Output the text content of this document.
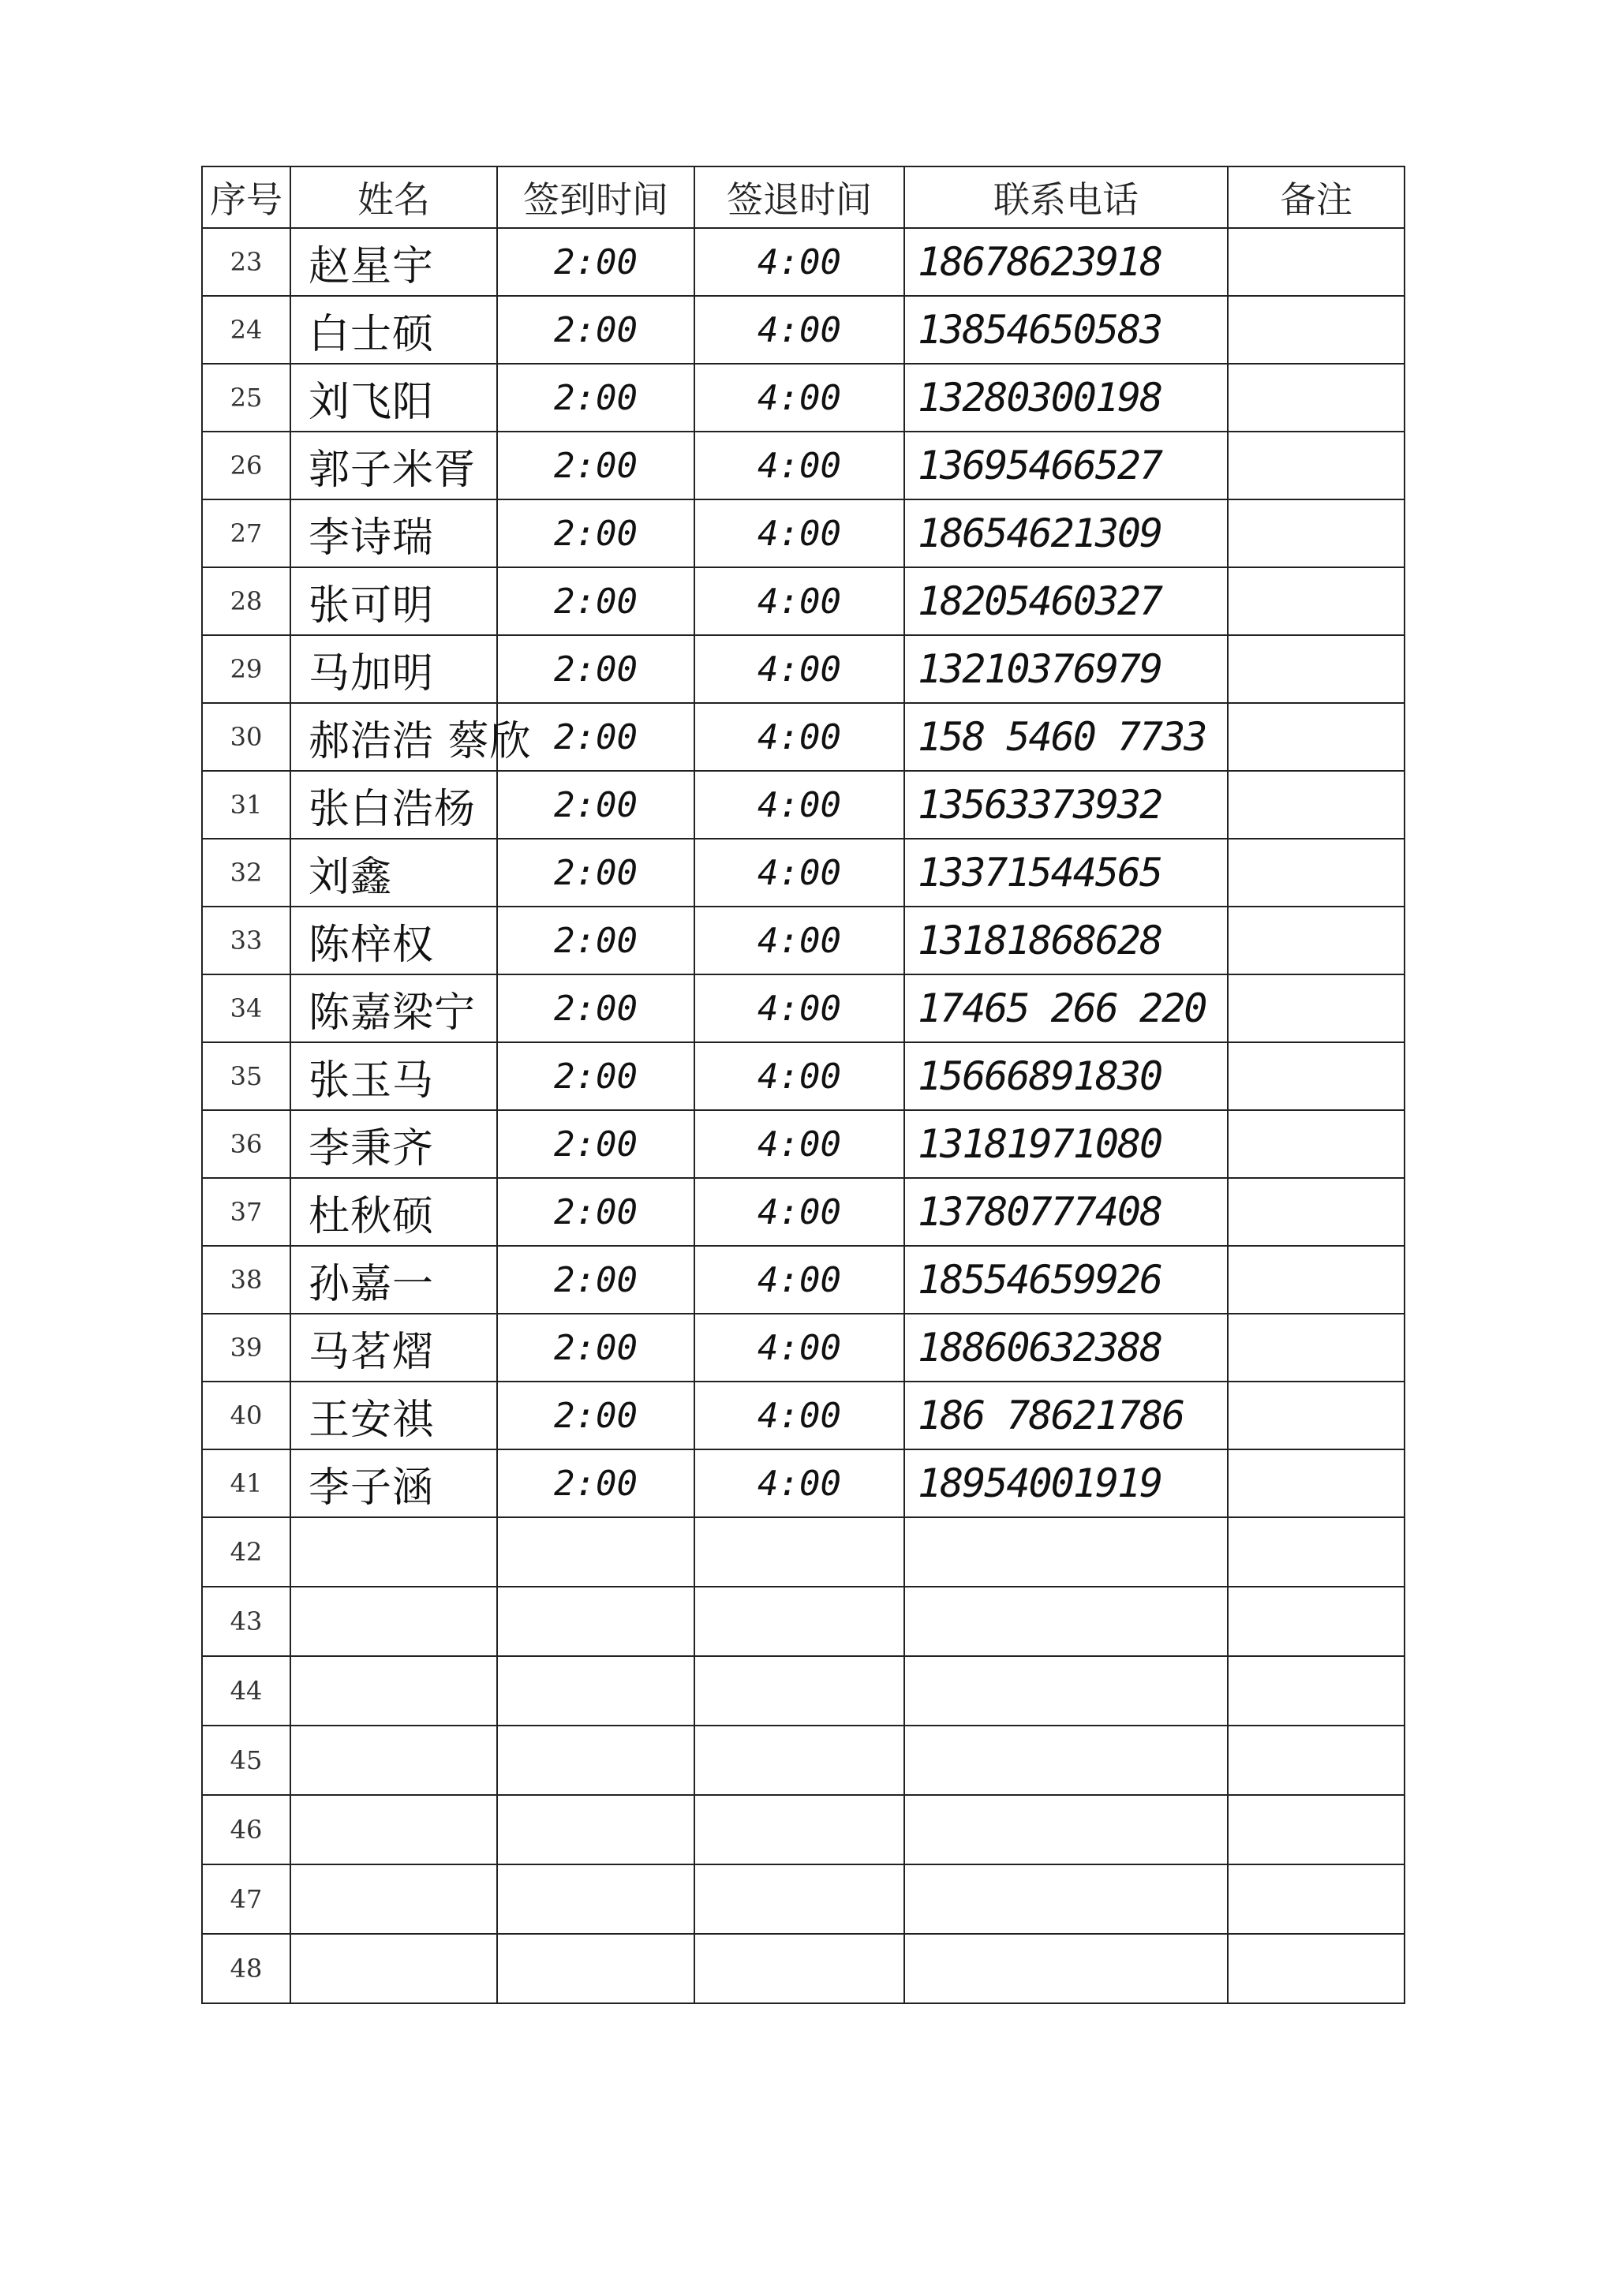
序号	姓名	签到时间	签退时间	联系电话	备注
23	赵星宇	2:00	4:00	18678623918	
24	白士硕	2:00	4:00	13854650583	
25	刘飞阳	2:00	4:00	13280300198	
26	郭子米胥	2:00	4:00	13695466527	
27	李诗瑞	2:00	4:00	18654621309	
28	张可明	2:00	4:00	18205460327	
29	马加明	2:00	4:00	13210376979	
30	郝浩浩 蔡欣	2:00	4:00	158 5460 7733	
31	张白浩杨	2:00	4:00	13563373932	
32	刘鑫	2:00	4:00	13371544565	
33	陈梓权	2:00	4:00	13181868628	
34	陈嘉梁宁	2:00	4:00	17465 266 220	
35	张玉马	2:00	4:00	15666891830	
36	李秉齐	2:00	4:00	13181971080	
37	杜秋硕	2:00	4:00	13780777408	
38	孙嘉一	2:00	4:00	18554659926	
39	马茗熠	2:00	4:00	18860632388	
40	王安祺	2:00	4:00	186 78621786	
41	李子涵	2:00	4:00	18954001919	
42					
43					
44					
45					
46					
47					
48					
